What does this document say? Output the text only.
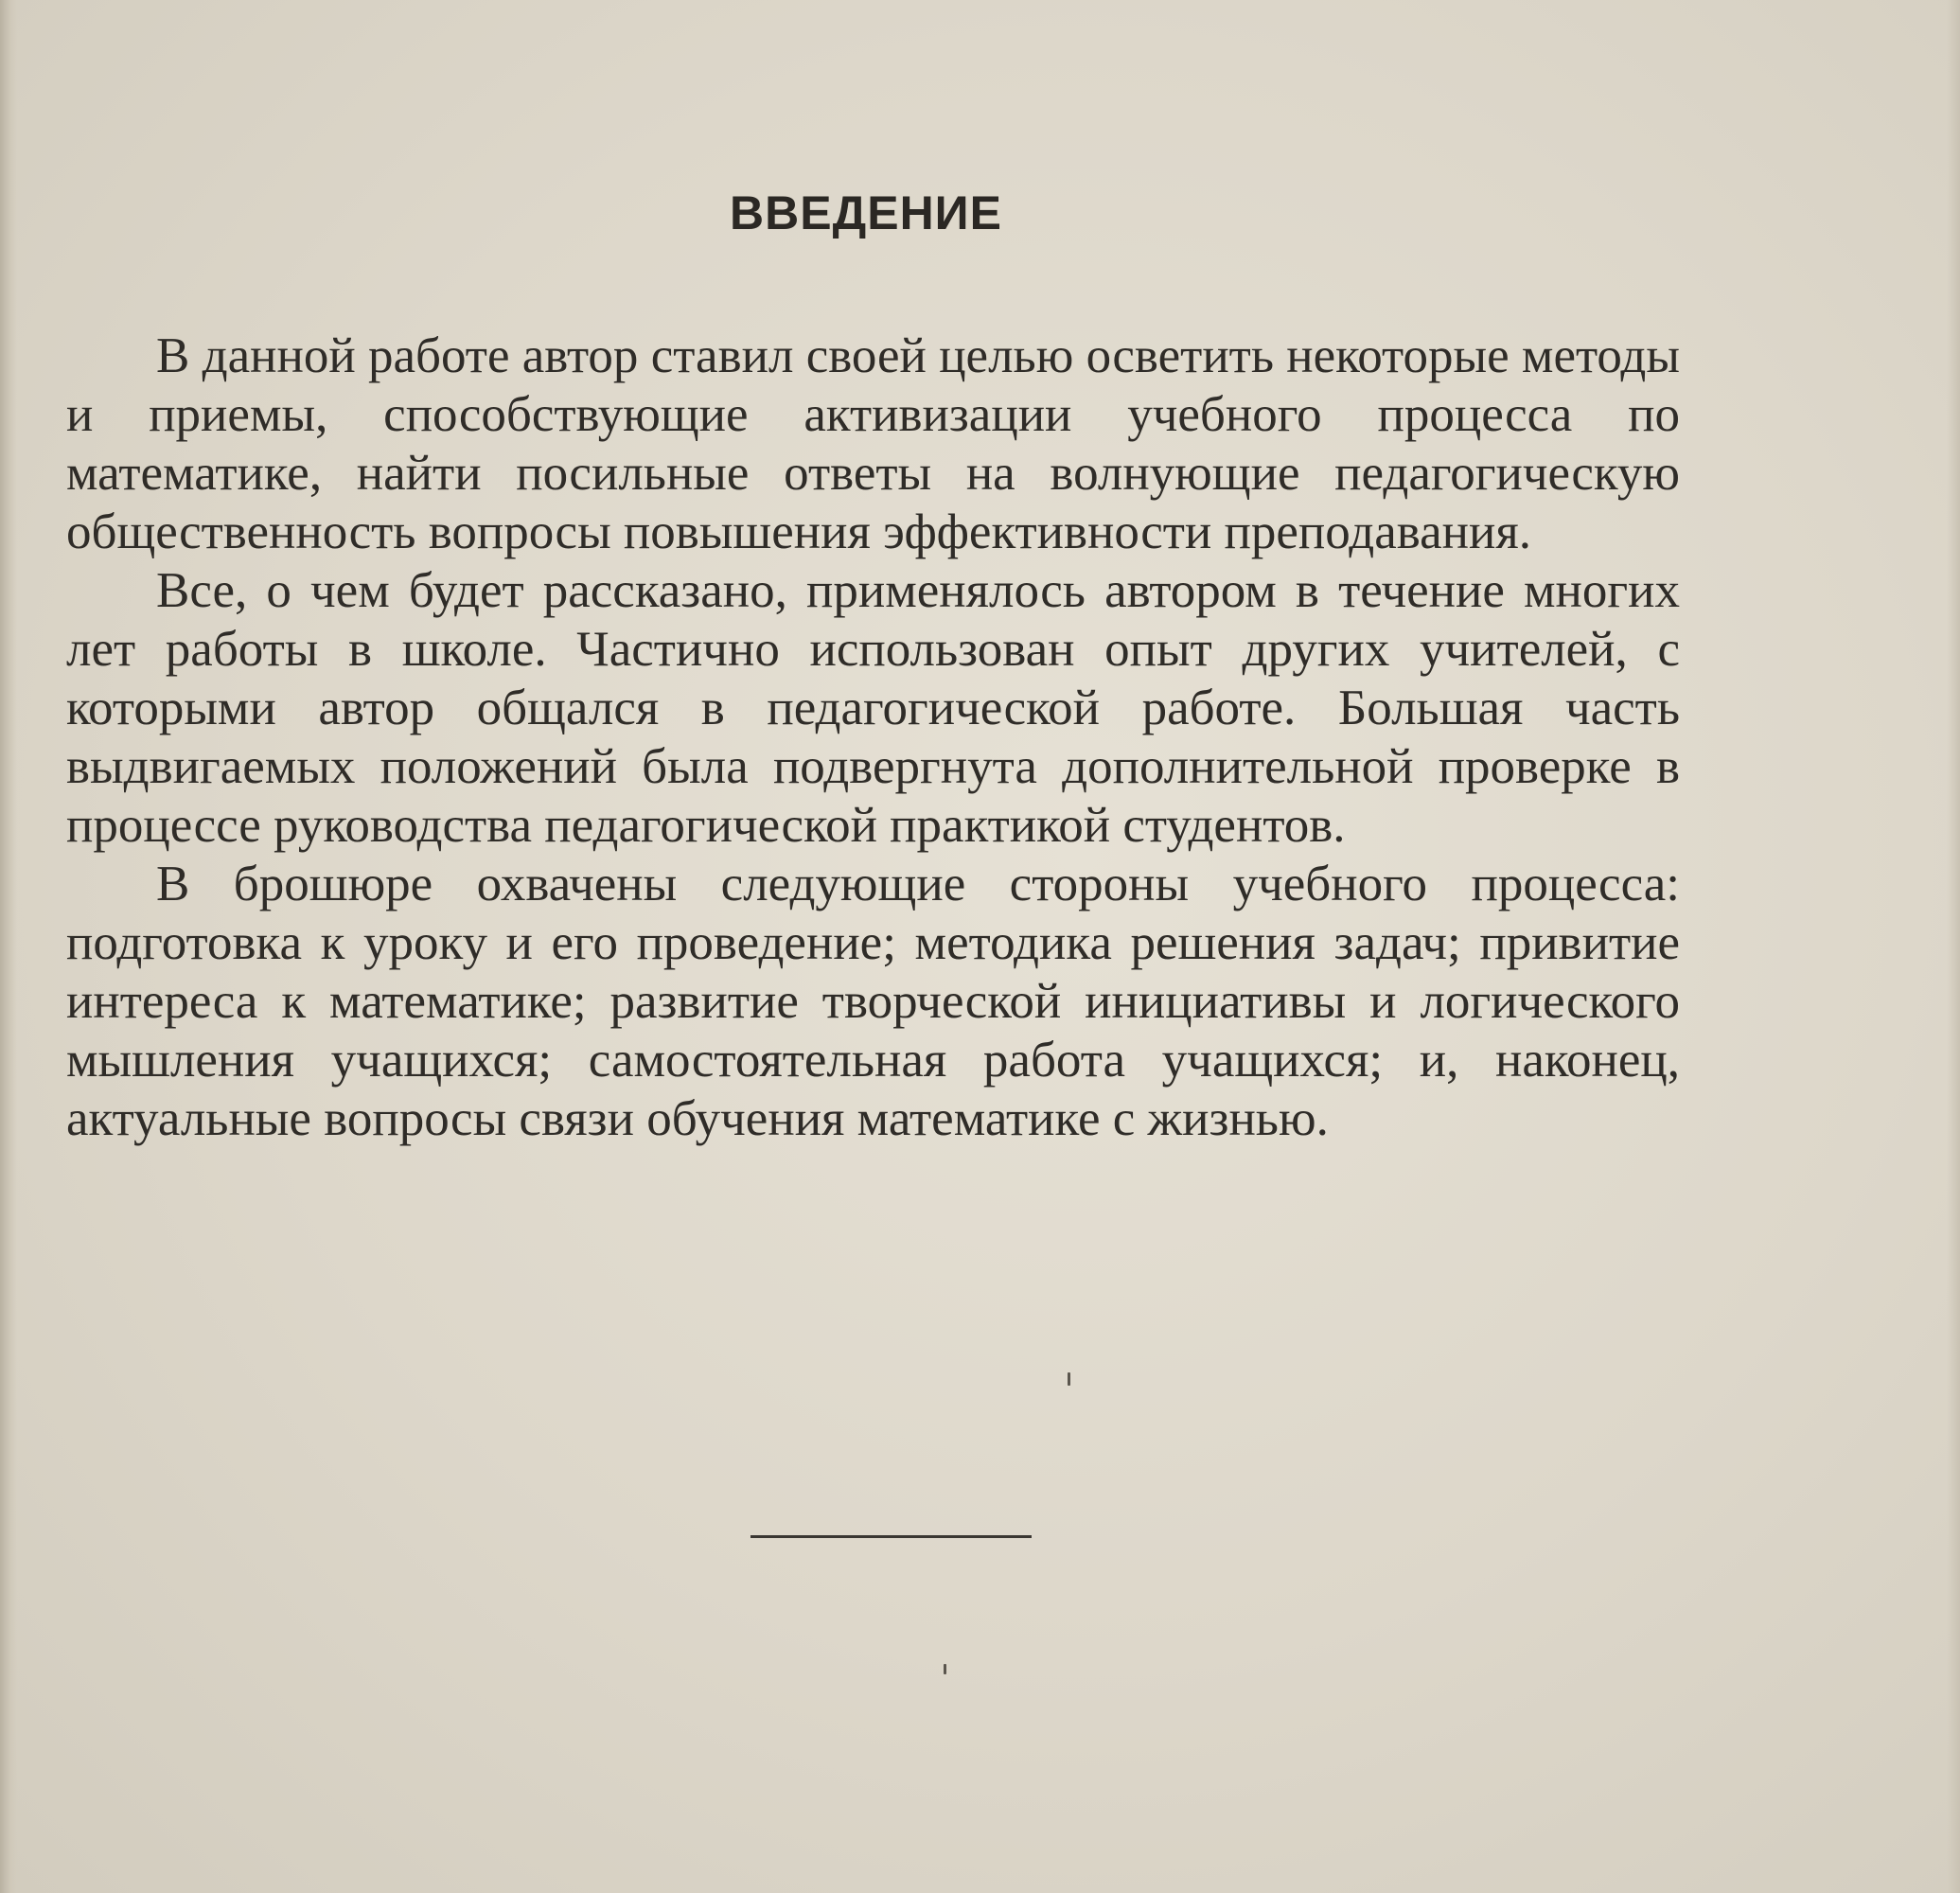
ВВЕДЕНИЕ

В данной работе автор ставил своей целью осветить некоторые методы и приемы, способствующие активизации учебного процесса по математике, найти посильные ответы на волнующие педагогическую общественность вопросы повышения эффективности преподавания.

Все, о чем будет рассказано, применялось автором в течение многих лет работы в школе. Частично использован опыт других учителей, с которыми автор общался в педагогической работе. Большая часть выдвигаемых положений была подвергнута дополнительной проверке в процессе руководства педагогической практикой студентов.

В брошюре охвачены следующие стороны учебного процесса: подготовка к уроку и его проведение; методика решения задач; привитие интереса к математике; развитие творческой инициативы и логического мышления учащихся; самостоятельная работа учащихся; и, наконец, актуальные вопросы связи обучения математике с жизнью.
